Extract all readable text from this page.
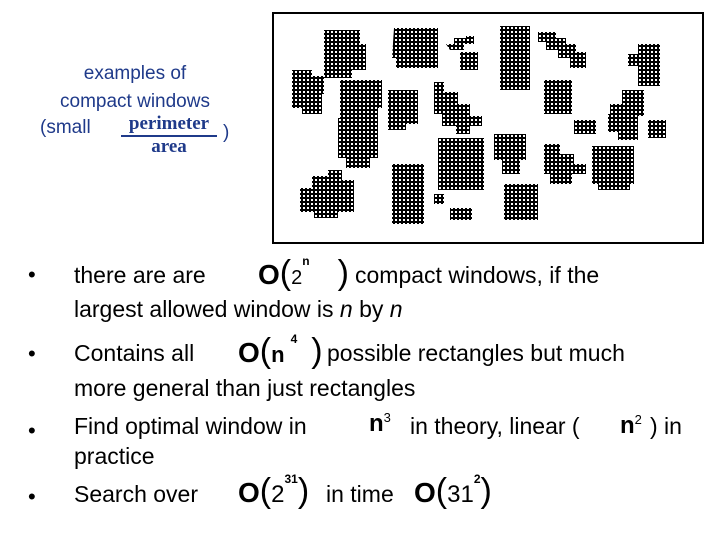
examples of
compact windows
(small	perimeter
area
)
• there are are O(2$^n$ ) compact windows, if the
largest allowed window is n by n
• Contains all $O(n^4$ ) possible rectangles but much
more general than just rectangles
• Find optimal window in	$n^3$ in theory, linear ( $n^2$ ) in
practice
• Search over $O(2^{31})$ in time $O(31^2)$
